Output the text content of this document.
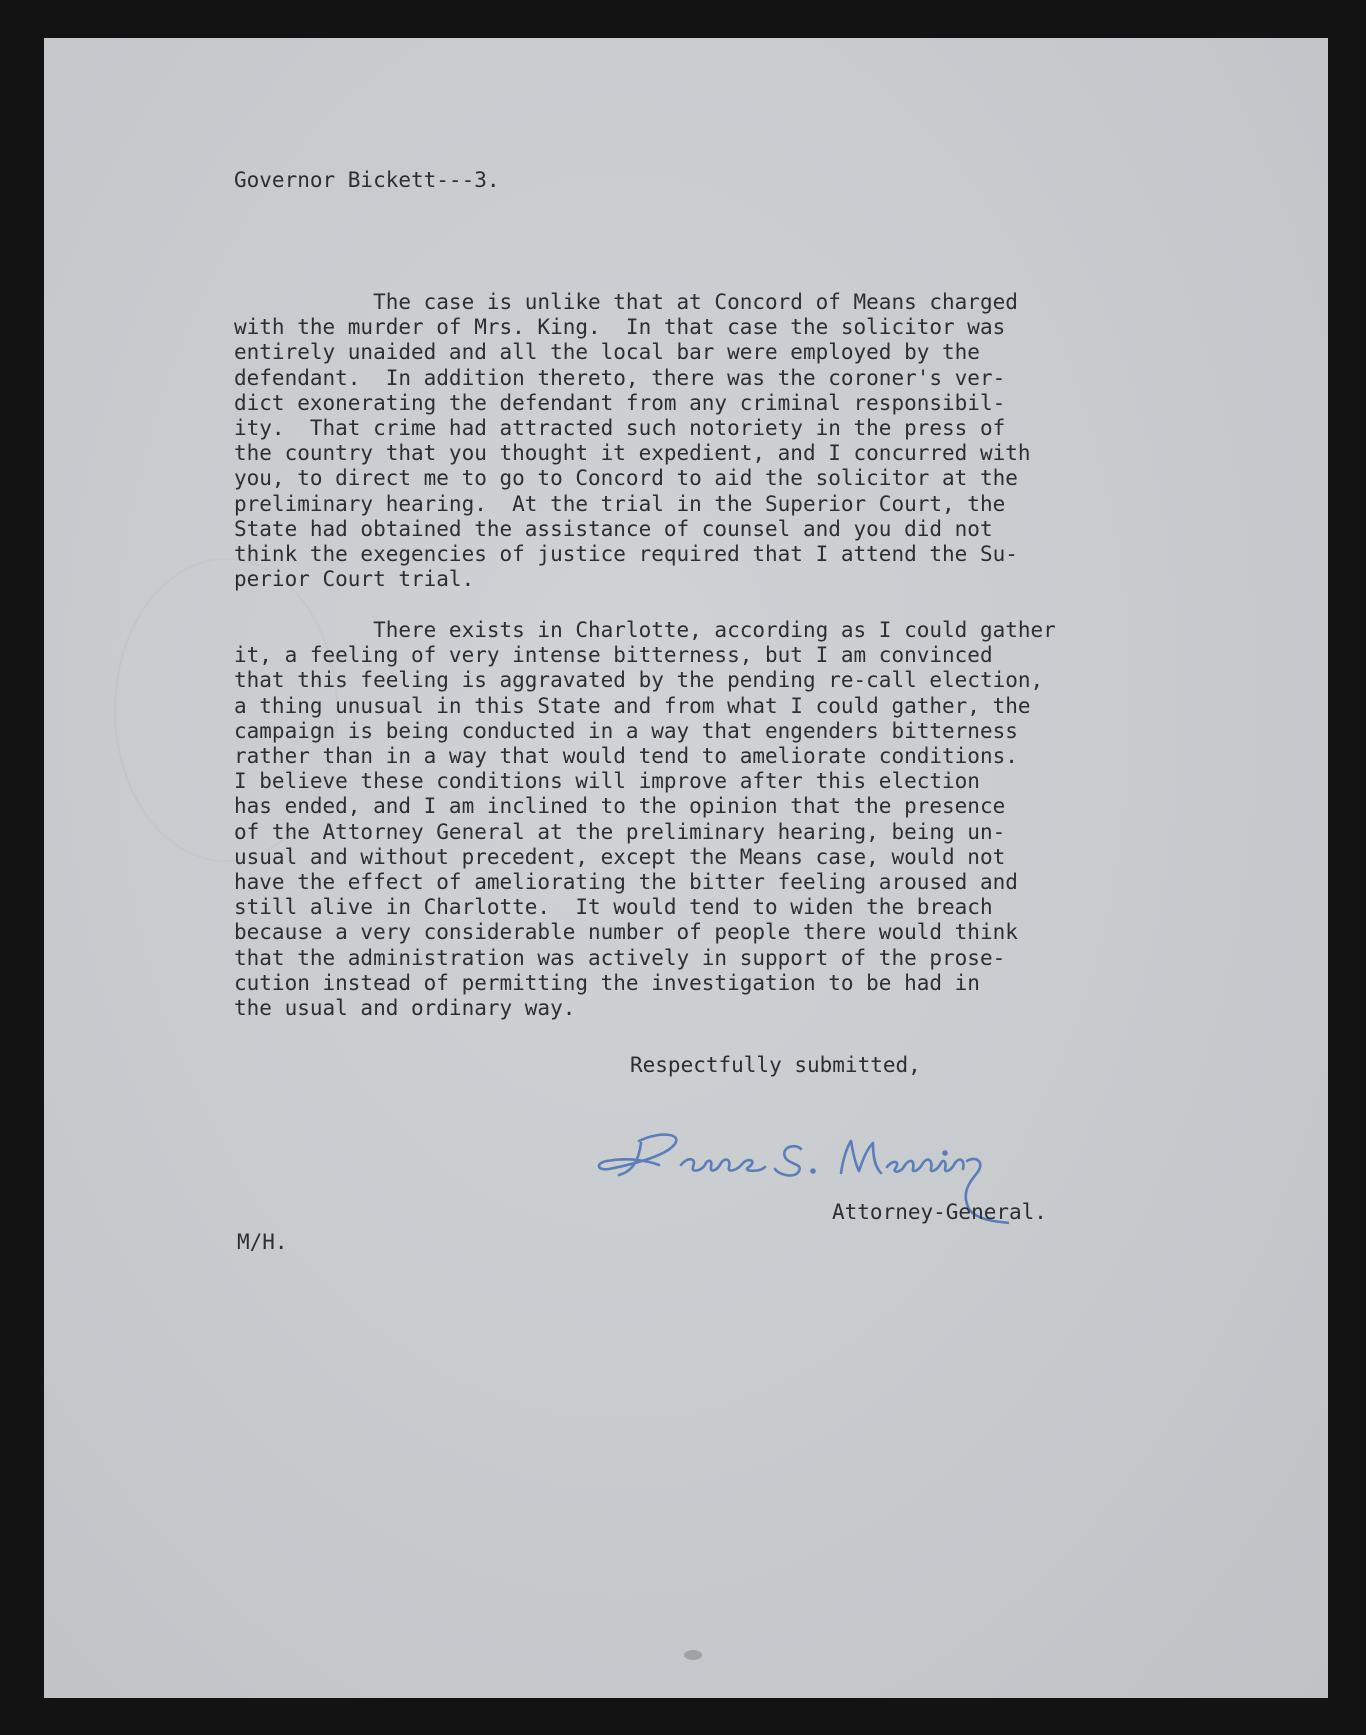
Governor Bickett---3.
The case is unlike that at Concord of Means charged
with the murder of Mrs. King.  In that case the solicitor was
entirely unaided and all the local bar were employed by the
defendant.  In addition thereto, there was the coroner's ver-
dict exonerating the defendant from any criminal responsibil-
ity.  That crime had attracted such notoriety in the press of
the country that you thought it expedient, and I concurred with
you, to direct me to go to Concord to aid the solicitor at the
preliminary hearing.  At the trial in the Superior Court, the
State had obtained the assistance of counsel and you did not
think the exegencies of justice required that I attend the Su-
perior Court trial.
There exists in Charlotte, according as I could gather
it, a feeling of very intense bitterness, but I am convinced
that this feeling is aggravated by the pending re-call election,
a thing unusual in this State and from what I could gather, the
campaign is being conducted in a way that engenders bitterness
rather than in a way that would tend to ameliorate conditions.
I believe these conditions will improve after this election
has ended, and I am inclined to the opinion that the presence
of the Attorney General at the preliminary hearing, being un-
usual and without precedent, except the Means case, would not
have the effect of ameliorating the bitter feeling aroused and
still alive in Charlotte.  It would tend to widen the breach
because a very considerable number of people there would think
that the administration was actively in support of the prose-
cution instead of permitting the investigation to be had in
the usual and ordinary way.
Respectfully submitted,
Attorney-General.
M/H.
